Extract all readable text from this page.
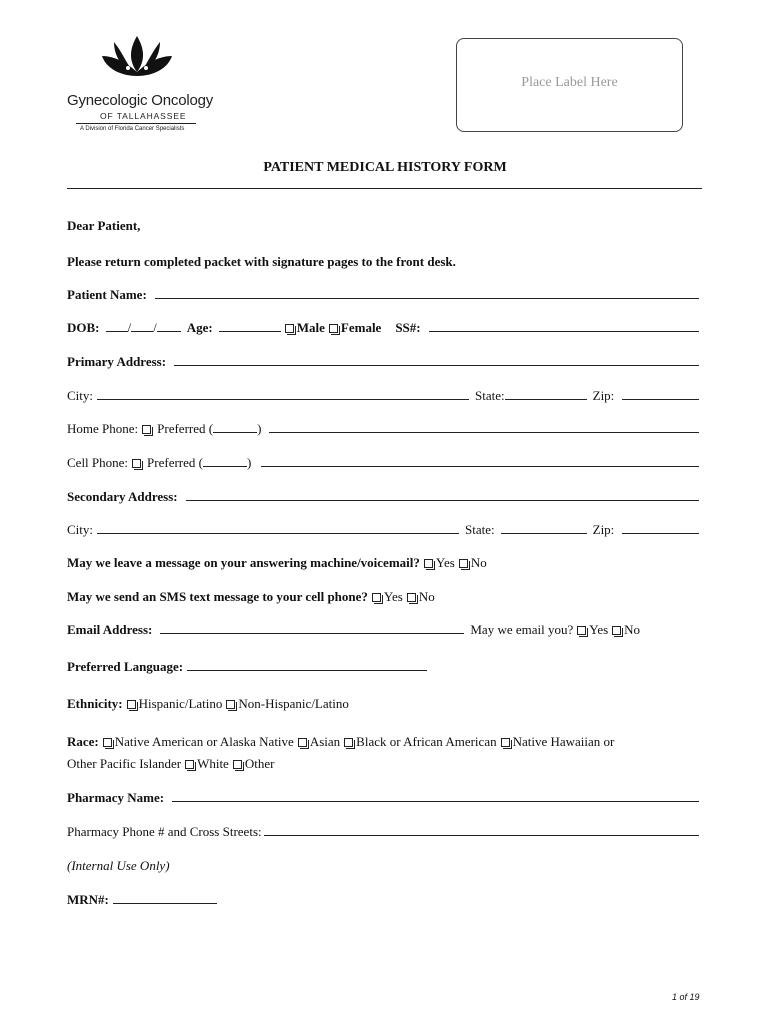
Gynecologic Oncology
OF TALLAHASSEE
A Division of Florida Cancer Specialists
Place Label Here
PATIENT MEDICAL HISTORY FORM
Dear Patient,
Please return completed packet with signature pages to the front desk.
Patient Name:
DOB: / / Age:	Male Female SS#:
Primary Address:
City:	State:	Zip:
Home Phone: Preferred (	)
Cell Phone: Preferred (	)
Secondary Address:
City:	State:	Zip:
May we leave a message on your answering machine/voicemail? Yes No
May we send an SMS text message to your cell phone? Yes No
Email Address:	May we email you? Yes No
Preferred Language:
Ethnicity: Hispanic/Latino Non-Hispanic/Latino
Race: Native American or Alaska Native Asian Black or African American Native Hawaiian or
Other Pacific Islander White Other
Pharmacy Name:
Pharmacy Phone # and Cross Streets:
(Internal Use Only)
MRN#:
1 of 19
